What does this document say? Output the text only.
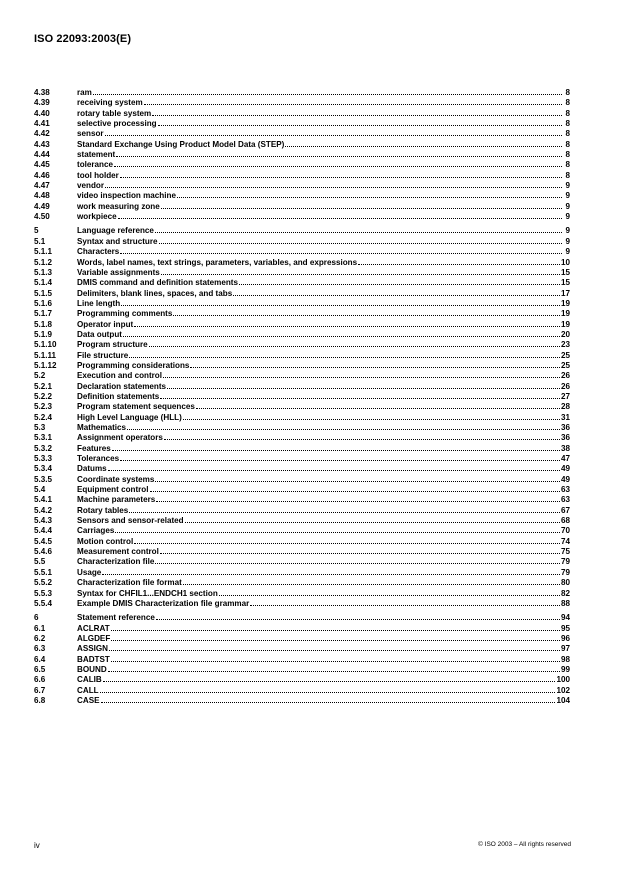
ISO 22093:2003(E)
4.38	ram	8
4.39	receiving system	8
4.40	rotary table system	8
4.41	selective processing	8
4.42	sensor	8
4.43	Standard Exchange Using Product Model Data (STEP)	8
4.44	statement	8
4.45	tolerance	8
4.46	tool holder	8
4.47	vendor	9
4.48	video inspection machine	9
4.49	work measuring zone	9
4.50	workpiece	9
5	Language reference	9
5.1	Syntax and structure	9
5.1.1	Characters	9
5.1.2	Words, label names, text strings, parameters, variables, and expressions	10
5.1.3	Variable assignments	15
5.1.4	DMIS command and definition statements	15
5.1.5	Delimiters, blank lines, spaces, and tabs	17
5.1.6	Line length	19
5.1.7	Programming comments	19
5.1.8	Operator input	19
5.1.9	Data output	20
5.1.10	Program structure	23
5.1.11	File structure	25
5.1.12	Programming considerations	25
5.2	Execution and control	26
5.2.1	Declaration statements	26
5.2.2	Definition statements	27
5.2.3	Program statement sequences	28
5.2.4	High Level Language (HLL)	31
5.3	Mathematics	36
5.3.1	Assignment operators	36
5.3.2	Features	38
5.3.3	Tolerances	47
5.3.4	Datums	49
5.3.5	Coordinate systems	49
5.4	Equipment control	63
5.4.1	Machine parameters	63
5.4.2	Rotary tables	67
5.4.3	Sensors and sensor-related	68
5.4.4	Carriages	70
5.4.5	Motion control	74
5.4.6	Measurement control	75
5.5	Characterization file	79
5.5.1	Usage	79
5.5.2	Characterization file format	80
5.5.3	Syntax for CHFIL1...ENDCH1 section	82
5.5.4	Example DMIS Characterization file grammar	88
6	Statement reference	94
6.1	ACLRAT	95
6.2	ALGDEF	96
6.3	ASSIGN	97
6.4	BADTST	98
6.5	BOUND	99
6.6	CALIB	100
6.7	CALL	102
6.8	CASE	104
iv	© ISO 2003 – All rights reserved
